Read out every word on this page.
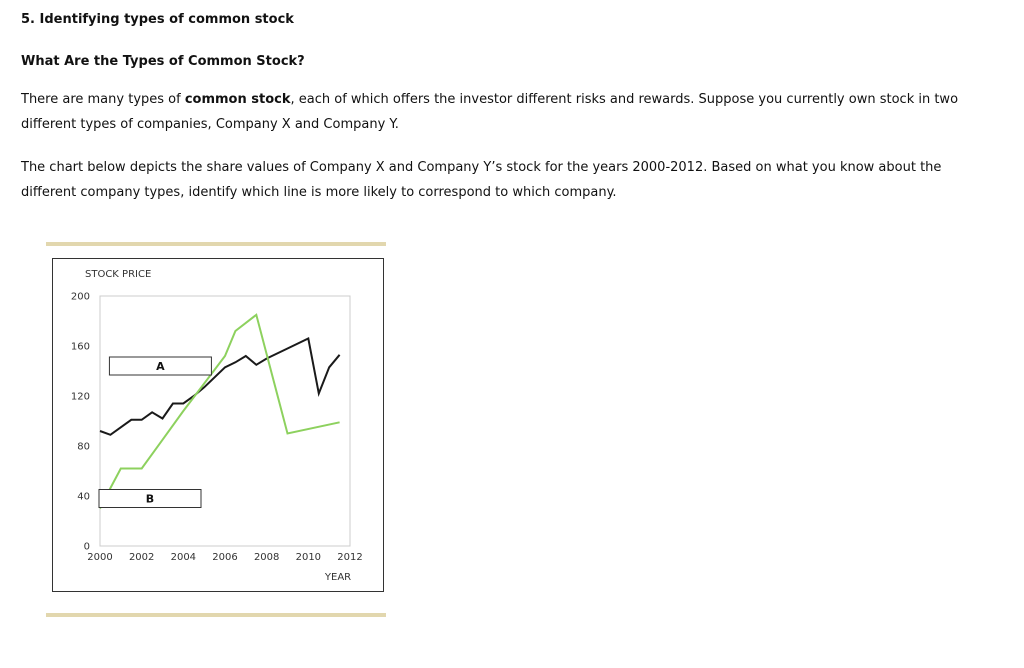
5. Identifying types of common stock
What Are the Types of Common Stock?
There are many types of common stock, each of which offers the investor different risks and rewards. Suppose you currently own stock in two different types of companies, Company X and Company Y.
The chart below depicts the share values of Company X and Company Y’s stock for the years 2000-2012. Based on what you know about the different company types, identify which line is more likely to correspond to which company.
STOCK PRICE
YEAR
200
160
120
80
40
0
2000 2002 2004 2006 2008 2010 2012
A
B
